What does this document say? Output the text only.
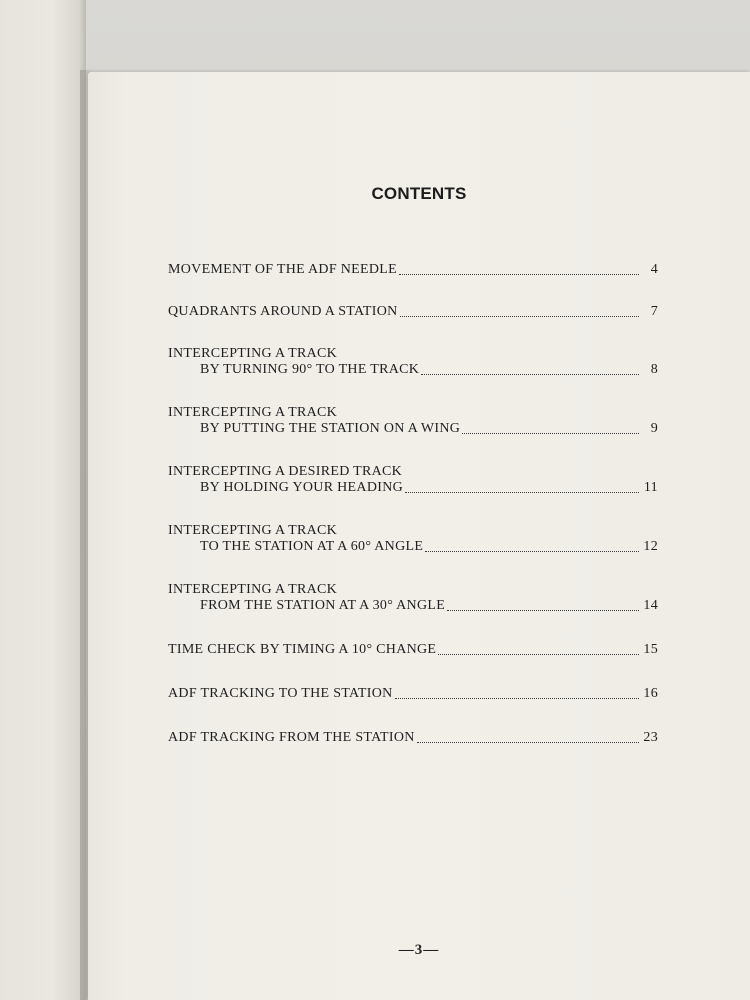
CONTENTS
MOVEMENT OF THE ADF NEEDLE	4
QUADRANTS AROUND A STATION	7
INTERCEPTING A TRACK
BY TURNING 90° TO THE TRACK	8
INTERCEPTING A TRACK
BY PUTTING THE STATION ON A WING	9
INTERCEPTING A DESIRED TRACK
BY HOLDING YOUR HEADING	11
INTERCEPTING A TRACK
TO THE STATION AT A 60° ANGLE	12
INTERCEPTING A TRACK
FROM THE STATION AT A 30° ANGLE	14
TIME CHECK BY TIMING A 10° CHANGE	15
ADF TRACKING TO THE STATION	16
ADF TRACKING FROM THE STATION	23
—3—
